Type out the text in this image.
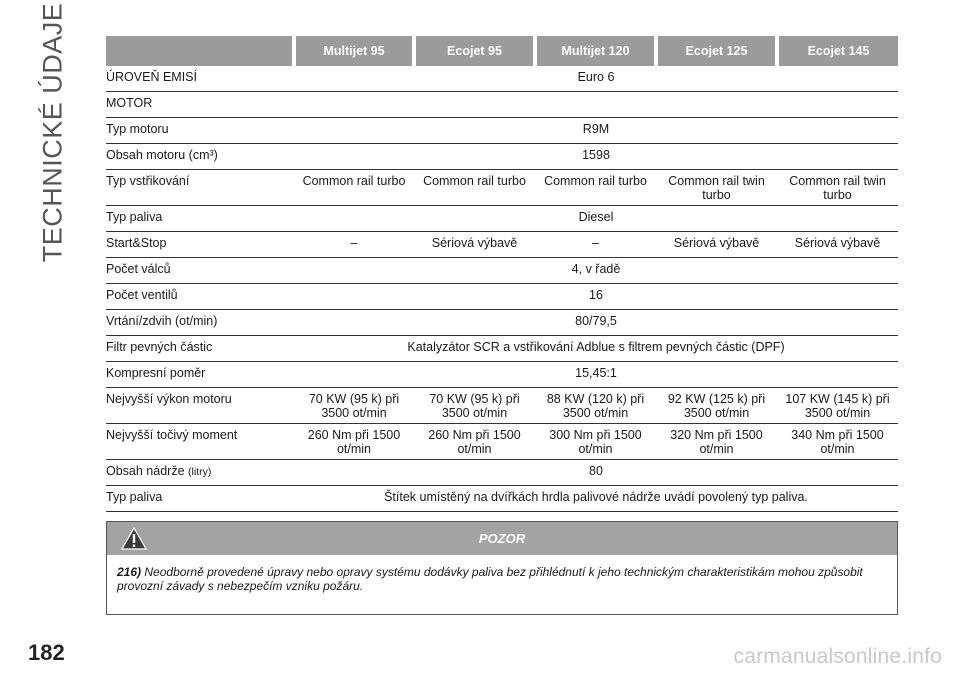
TECHNICKÉ ÚDAJE
		Multijet 95	Ecojet 95	Multijet 120	Ecojet 125	Ecojet 145
ÚROVEŇ EMISÍ	Euro 6				
MOTOR					
Typ motoru	R9M				
Obsah motoru (cm³)	1598				
Typ vstřikování	Common rail turbo	Common rail turbo	Common rail turbo	Common rail twin turbo	Common rail twin turbo
Typ paliva	Diesel				
Start&Stop	–	Sériová výbavě	–	Sériová výbavě	Sériová výbavě
Počet válců	4, v řadě				
Počet ventilů	16				
Vrtání/zdvih (ot/min)	80/79,5				
Filtr pevných částic	Katalyzátor SCR a vstřikování Adblue s filtrem pevných částic (DPF)				
Kompresní poměr	15,45:1				
Nejvyšší výkon motoru	70 KW (95 k) při 3500 ot/min	70 KW (95 k) při 3500 ot/min	88 KW (120 k) při 3500 ot/min	92 KW (125 k) při 3500 ot/min	107 KW (145 k) při 3500 ot/min
Nejvyšší točivý moment	260 Nm při 1500 ot/min	260 Nm při 1500 ot/min	300 Nm při 1500 ot/min	320 Nm při 1500 ot/min	340 Nm při 1500 ot/min
Obsah nádrže (litry)	80				
Typ paliva	Štítek umístěný na dvířkách hrdla palivové nádrže uvádí povolený typ paliva.				
POZOR
216) Neodborně provedené úpravy nebo opravy systému dodávky paliva bez přihlédnutí k jeho technickým charakteristikám mohou způsobit provozní závady s nebezpečím vzniku požáru.
182	carmanualsonline.info
